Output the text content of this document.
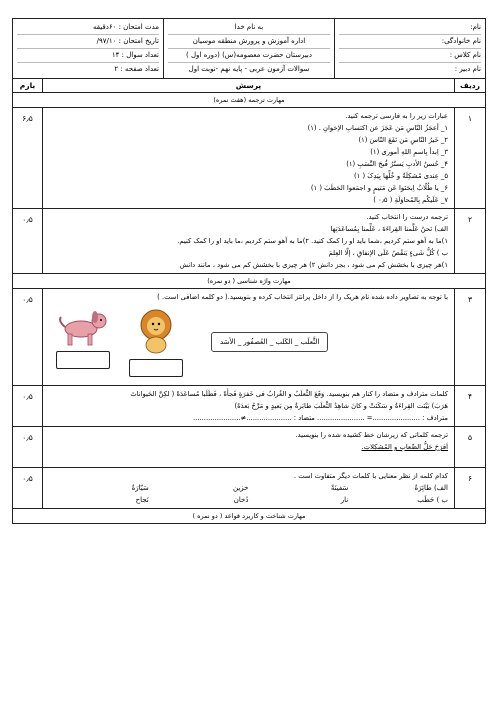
نام:
نام خانوادگی:
نام کلاس :
نام دبیر :
به نام خدا
اداره آموزش و پرورش منطقه موسیان
دبیرستان حضرت معصومه(س) (دوره اول )
سوالات آزمون عربی - پایه نهم -نوبت اول
مدت امتحان : ۶۰دقیقه
تاریخ امتحان : ۹۷/۱۰/
تعداد سوال : ۱۴
تعداد صفحه : ۲
ردیف
پرسش
بارم
مهارت ترجمه (هفت نمره)
۱
عبارات زیر را به فارسی ترجمه کنید.
۱_ أعجَزُ النّاسِ مَن عَجَزَ عن اکتسابِ الإخوانِ . (۱)
۲_ خَیرُ النّاسِ مَن نَفَعَ النّاسَ (۱)
۳_ اِبدأ بِاسمِ اللهِ أموری (۱)
۴_ حُسنُ الأدبِ یَستُرُ قُبحَ النَّسَبِ (۱)
۵_ عِندی مُشکِلَةٌ و خُلِّها بِیَدِکَ ( ۱)
۶_ یا طُلّابُ اِبحَثوا عَن مَتیمٍ و اجمَعوا الحَطَبَ ( ۱)
۷_ عَلَیکُم بِالمُحاوَلَةِ ( ۰٫۵ )
۶٫۵
۲
ترجمه درست را انتخاب کنید.
الف) نَحنُ عَلَّمنا القِراءَةَ ، عَلِّمنا بِمُساعَدَتِها
۱)ما به آهو ستم کردیم ،شما باید او را کمک کنید. ۲)ما به آهو ستم کردیم ،ما باید او را کمک کنیم.
ب ) کُلُّ شَیءٍ یَنقُصُ عَلَی الإنفاقِ ، إلّا العِلمَ
۱)هر چیزی با بخشش کم می شود ، بجز دانش ۲) هر چیزی با بخشش کم می شود ، مانند دانش
۰٫۵
مهارت واژه شناسی ( دو نمره)
۳
با توجه به تصاویر داده شده نام هریک را از داخل پرانتز انتخاب کرده و بنویسید.( دو کلمه اضافی است. )
الثَّعلَب _ الکَلب _ العُصفُور _ الأسَد
۰٫۵
۴
کلمات مترادف و متضاد را کنار هم بنویسید. وَقَعَ الثَّعلَبُ و الغُرابُ فی خَفرَةٍ فَجأَةً ، فَطَلَبا مُساعَدَةً ( لکِنَّ الحَیواناتَ
هَرَبَ) بَیْنَت القِراءَةُ و سَکَنَتْ و کانَ شاهِدٌ الثَّعلَبَ طابَرةٌ مِن بَعیدٍ و مَرَّحُ بَعدَهُ)
مترادف : ......................= ...................... متضاد : .....................≠......................
۰٫۵
۵
ترجمه کلماتی که زیرشان خط کشیده شده را بنویسید.
اَفرَحَ حَلُّ الصِّعابِ و المُشکِلاتِ.

۰٫۵
۶
کدام کلمه از نظر معنایی با کلمات دیگر متفاوت است .
الف) طائِرَةٌ
سَفینَةٌ
خزین
سَیّارَةٌ
ب ) حَطَب
نار
دُخان
نَجاح
۰٫۵
مهارت شناخت و کاربرد قواعد ( دو نمره )
